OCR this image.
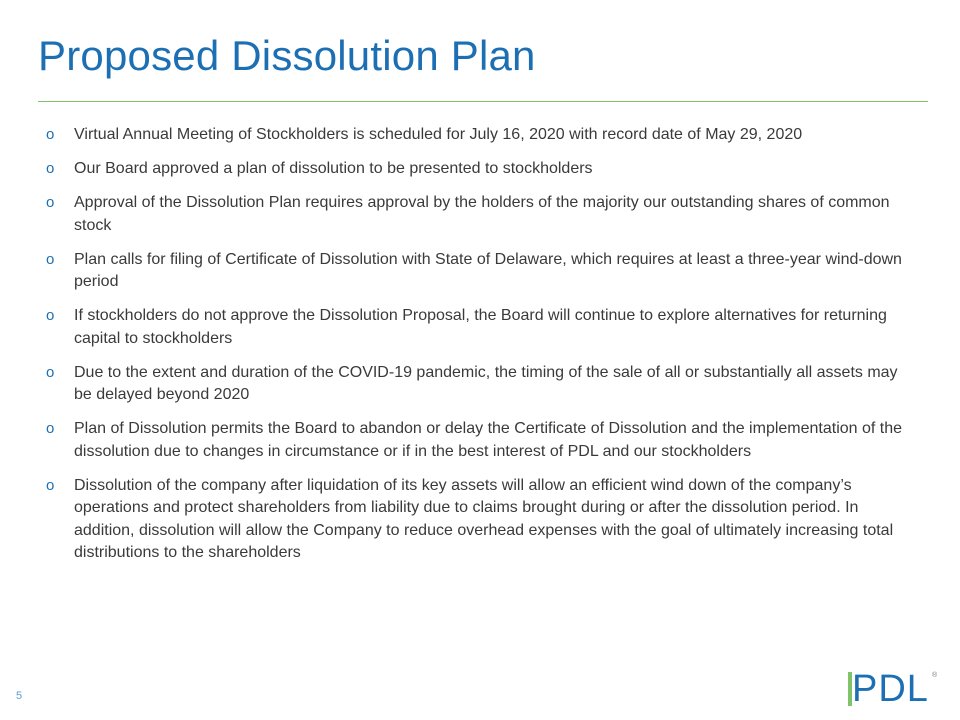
Proposed Dissolution Plan
o Virtual Annual Meeting of Stockholders is scheduled for July 16, 2020 with record date of May 29, 2020
o Our Board approved a plan of dissolution to be presented to stockholders
o Approval of the Dissolution Plan requires approval by the holders of the majority our outstanding shares of common stock
o Plan calls for filing of Certificate of Dissolution with State of Delaware, which requires at least a three-year wind-down period
o If stockholders do not approve the Dissolution Proposal, the Board will continue to explore alternatives for returning capital to stockholders
o Due to the extent and duration of the COVID-19 pandemic, the timing of the sale of all or substantially all assets may be delayed beyond 2020
o Plan of Dissolution permits the Board to abandon or delay the Certificate of Dissolution and the implementation of the dissolution due to changes in circumstance or if in the best interest of PDL and our stockholders
o Dissolution of the company after liquidation of its key assets will allow an efficient wind down of the company’s operations and protect shareholders from liability due to claims brought during or after the dissolution period. In addition, dissolution will allow the Company to reduce overhead expenses with the goal of ultimately increasing total distributions to the shareholders
5	PDL ®
